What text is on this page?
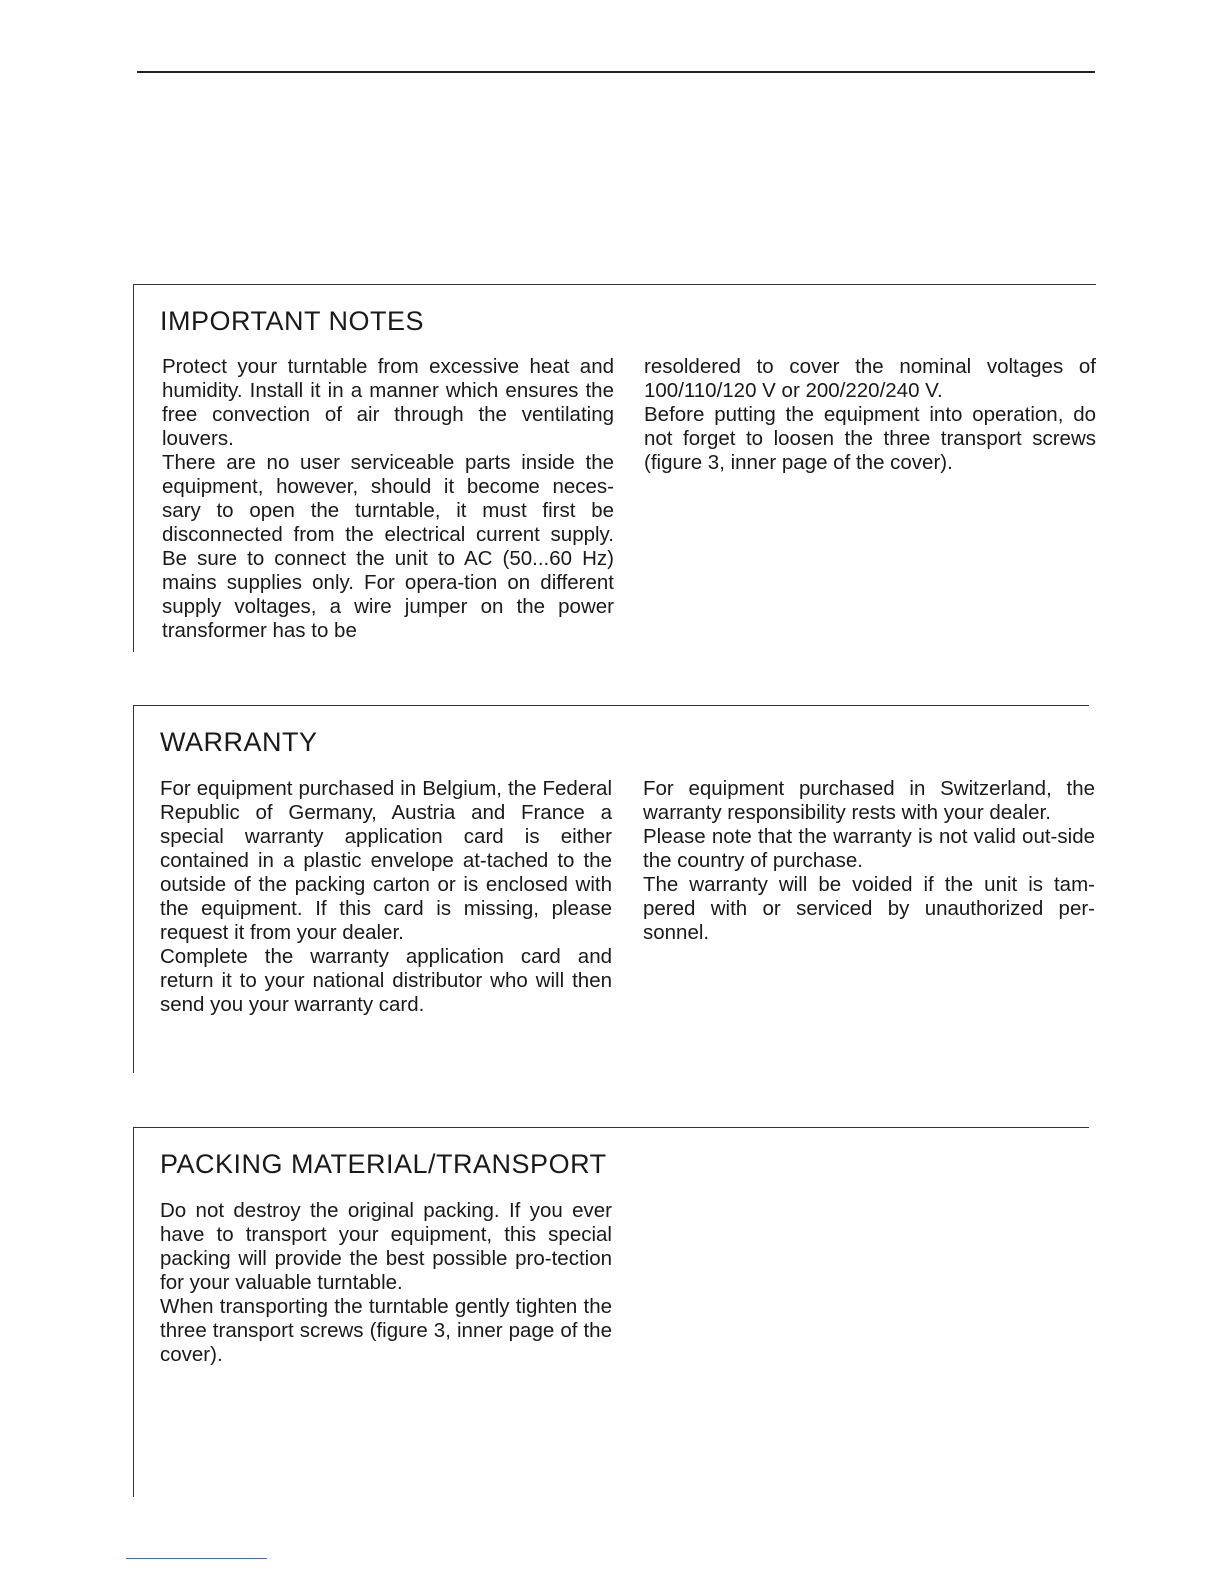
IMPORTANT NOTES

Protect your turntable from excessive heat and humidity. Install it in a manner which ensures the free convection of air through the ventilating louvers.

There are no user serviceable parts inside the equipment, however, should it become neces-sary to open the turntable, it must first be disconnected from the electrical current supply. Be sure to connect the unit to AC (50...60 Hz) mains supplies only. For opera-tion on different supply voltages, a wire jumper on the power transformer has to be

resoldered to cover the nominal voltages of 100/110/120 V or 200/220/240 V.

Before putting the equipment into operation, do not forget to loosen the three transport screws (figure 3, inner page of the cover).

WARRANTY

For equipment purchased in Belgium, the Federal Republic of Germany, Austria and France a special warranty application card is either contained in a plastic envelope at-tached to the outside of the packing carton or is enclosed with the equipment. If this card is missing, please request it from your dealer.

Complete the warranty application card and return it to your national distributor who will then send you your warranty card.

For equipment purchased in Switzerland, the warranty responsibility rests with your dealer.

Please note that the warranty is not valid out-side the country of purchase.

The warranty will be voided if the unit is tam-pered with or serviced by unauthorized per-sonnel.

PACKING MATERIAL/TRANSPORT

Do not destroy the original packing. If you ever have to transport your equipment, this special packing will provide the best possible pro-tection for your valuable turntable.

When transporting the turntable gently tighten the three transport screws (figure 3, inner page of the cover).
